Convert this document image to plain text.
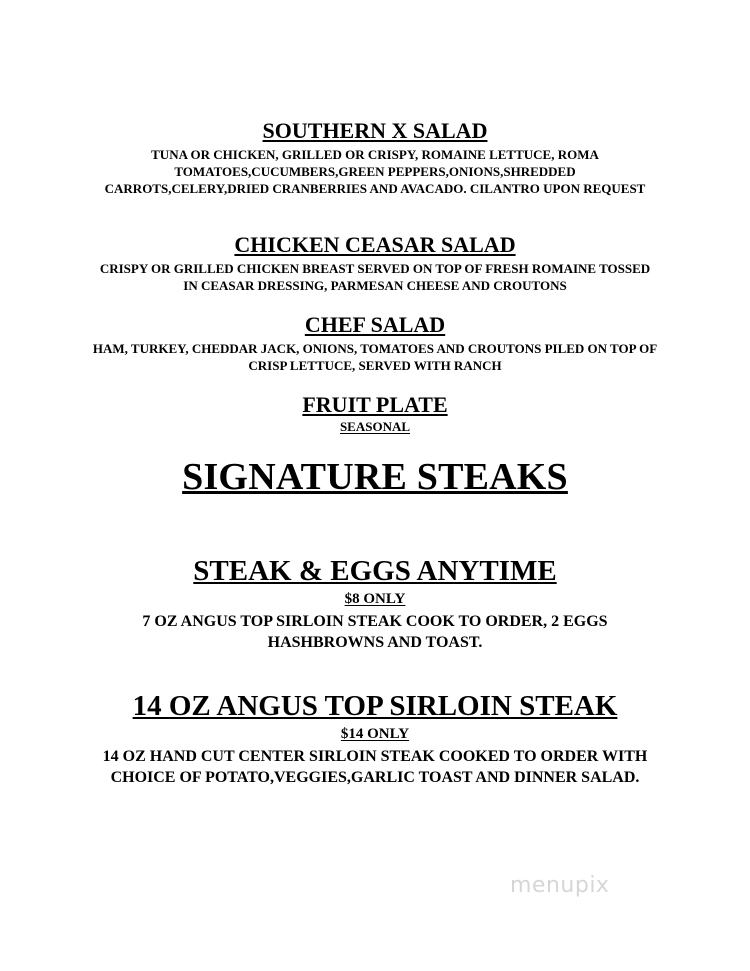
SOUTHERN X SALAD
TUNA OR CHICKEN, GRILLED OR CRISPY, ROMAINE LETTUCE, ROMA
TOMATOES,CUCUMBERS,GREEN PEPPERS,ONIONS,SHREDDED
CARROTS,CELERY,DRIED CRANBERRIES AND AVACADO. CILANTRO UPON REQUEST
CHICKEN CEASAR SALAD
CRISPY OR GRILLED CHICKEN BREAST SERVED ON TOP OF FRESH ROMAINE TOSSED
IN CEASAR DRESSING, PARMESAN CHEESE AND CROUTONS
CHEF SALAD
HAM, TURKEY, CHEDDAR JACK, ONIONS, TOMATOES AND CROUTONS PILED ON TOP OF
CRISP LETTUCE, SERVED WITH RANCH
FRUIT PLATE
SEASONAL
SIGNATURE STEAKS
STEAK & EGGS ANYTIME
$8 ONLY
7 OZ ANGUS TOP SIRLOIN STEAK COOK TO ORDER, 2 EGGS
HASHBROWNS AND TOAST.
14 OZ ANGUS TOP SIRLOIN STEAK
$14 ONLY
14 OZ HAND CUT CENTER SIRLOIN STEAK COOKED TO ORDER WITH
CHOICE OF POTATO,VEGGIES,GARLIC TOAST AND DINNER SALAD.
menupix
